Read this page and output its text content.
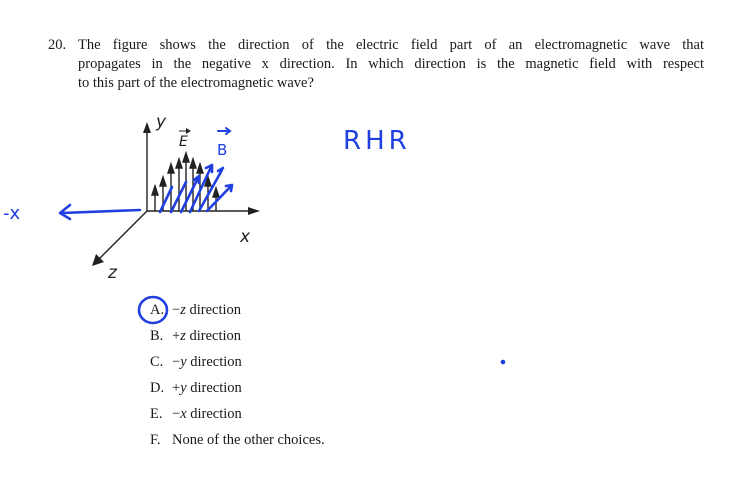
20. The figure shows the direction of the electric field part of an electromagnetic wave that
propagates in the negative x direction. In which direction is the magnetic field with respect
to this part of the electromagnetic wave?
y
x
z
E B
-x
RHR
A. −z direction
B. +z direction
C. −y direction
D. +y direction
E. −x direction
F. None of the other choices.
